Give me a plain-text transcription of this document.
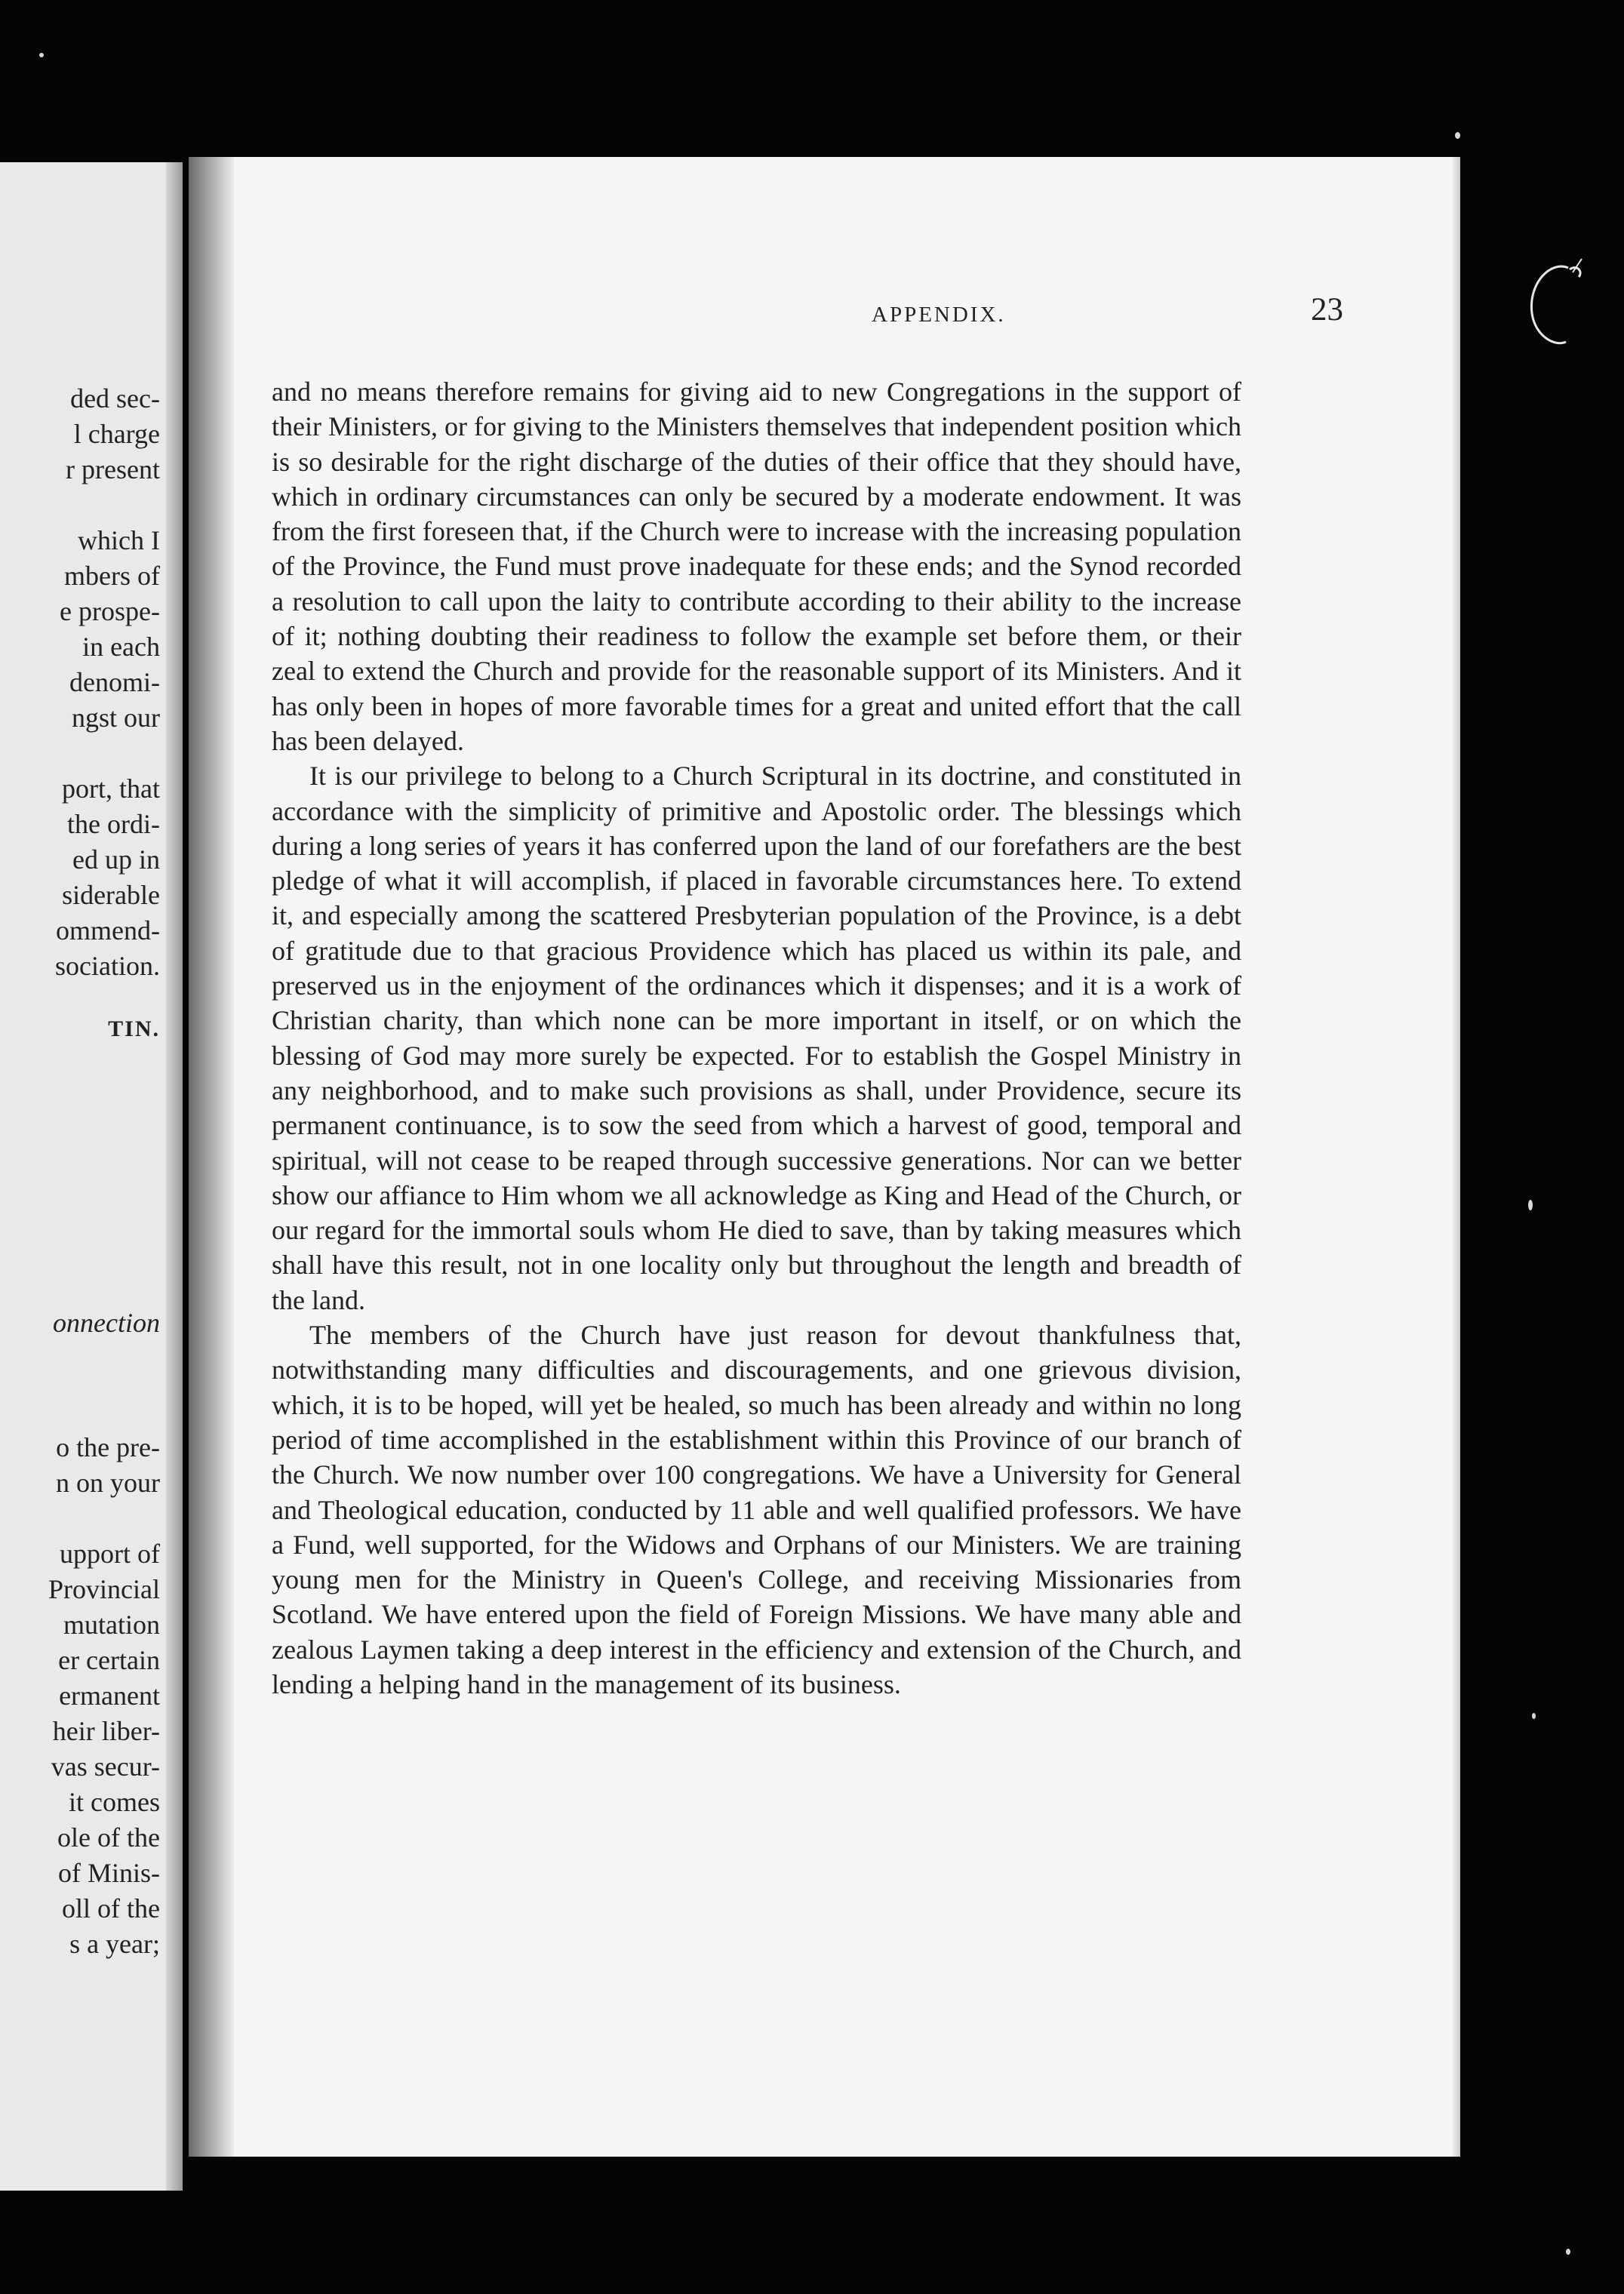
ded sec-
l charge
r present
which I
mbers of
e prospe-
in each
denomi-
ngst our
port, that
the ordi-
ed up in
siderable
ommend-
sociation.

TIN.

onnection

o the pre-
n on your
upport of
Provincial
mutation
er certain
ermanent
heir liber-
vas secur-
it comes
ole of the
of Minis-
oll of the
s a year;

APPENDIX.	23

and no means therefore remains for giving aid to new Congregations in the support of their Ministers, or for giving to the Ministers themselves that independent position which is so desirable for the right discharge of the duties of their office that they should have, which in ordinary circumstances can only be secured by a moderate endowment. It was from the first foreseen that, if the Church were to increase with the increasing population of the Province, the Fund must prove inadequate for these ends; and the Synod recorded a resolution to call upon the laity to contribute according to their ability to the increase of it; nothing doubting their readiness to follow the example set before them, or their zeal to extend the Church and provide for the reasonable support of its Ministers. And it has only been in hopes of more favorable times for a great and united effort that the call has been delayed.

It is our privilege to belong to a Church Scriptural in its doctrine, and constituted in accordance with the simplicity of primitive and Apostolic order. The blessings which during a long series of years it has conferred upon the land of our forefathers are the best pledge of what it will accomplish, if placed in favorable circumstances here. To extend it, and especially among the scattered Presbyterian population of the Province, is a debt of gratitude due to that gracious Providence which has placed us within its pale, and preserved us in the enjoyment of the ordinances which it dispenses; and it is a work of Christian charity, than which none can be more important in itself, or on which the blessing of God may more surely be expected. For to establish the Gospel Ministry in any neighborhood, and to make such provisions as shall, under Providence, secure its permanent continuance, is to sow the seed from which a harvest of good, temporal and spiritual, will not cease to be reaped through successive generations. Nor can we better show our affiance to Him whom we all acknowledge as King and Head of the Church, or our regard for the immortal souls whom He died to save, than by taking measures which shall have this result, not in one locality only but throughout the length and breadth of the land.

The members of the Church have just reason for devout thankfulness that, notwithstanding many difficulties and discouragements, and one grievous division, which, it is to be hoped, will yet be healed, so much has been already and within no long period of time accomplished in the establishment within this Province of our branch of the Church. We now number over 100 congregations. We have a University for General and Theological education, conducted by 11 able and well qualified professors. We have a Fund, well supported, for the Widows and Orphans of our Ministers. We are training young men for the Ministry in Queen's College, and receiving Missionaries from Scotland. We have entered upon the field of Foreign Missions. We have many able and zealous Laymen taking a deep interest in the efficiency and extension of the Church, and lending a helping hand in the management of its business.
